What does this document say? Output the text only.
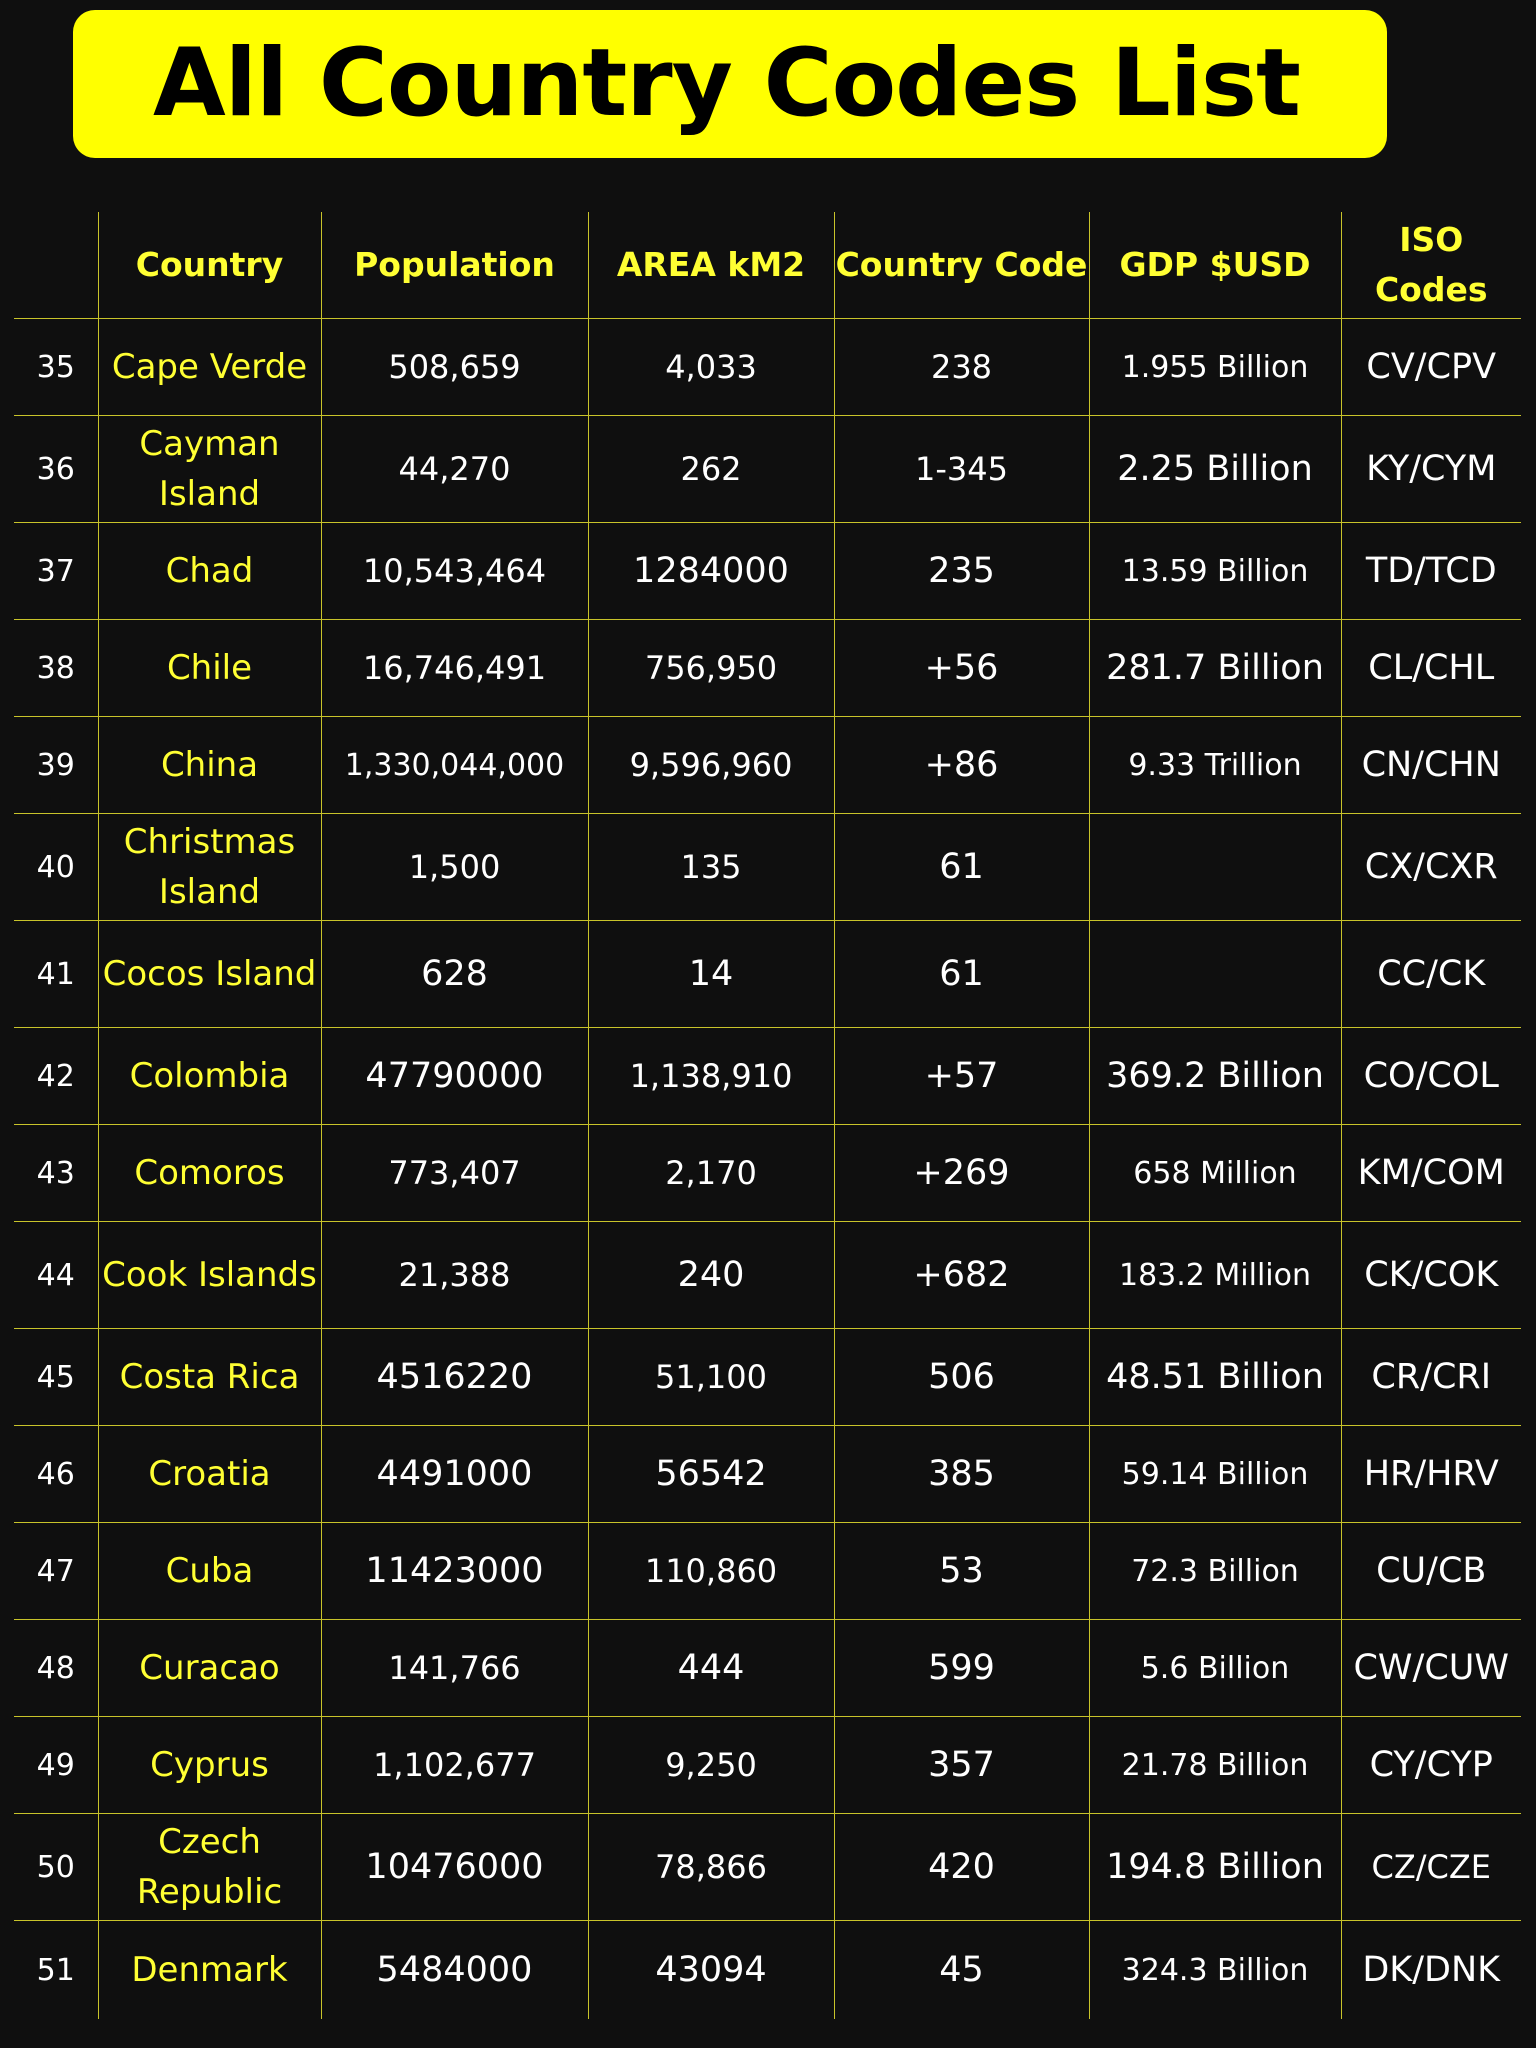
All Country Codes List
	Country	Population	AREA kM2	Country Code	GDP $USD	ISO Codes
35	Cape Verde	508,659	4,033	238	1.955 Billion	CV/CPV
36	Cayman Island	44,270	262	1-345	2.25 Billion	KY/CYM
37	Chad	10,543,464	1284000	235	13.59 Billion	TD/TCD
38	Chile	16,746,491	756,950	+56	281.7 Billion	CL/CHL
39	China	1,330,044,000	9,596,960	+86	9.33 Trillion	CN/CHN
40	Christmas Island	1,500	135	61		CX/CXR
41	Cocos Island	628	14	61		CC/CK
42	Colombia	47790000	1,138,910	+57	369.2 Billion	CO/COL
43	Comoros	773,407	2,170	+269	658 Million	KM/COM
44	Cook Islands	21,388	240	+682	183.2 Million	CK/COK
45	Costa Rica	4516220	51,100	506	48.51 Billion	CR/CRI
46	Croatia	4491000	56542	385	59.14 Billion	HR/HRV
47	Cuba	11423000	110,860	53	72.3 Billion	CU/CB
48	Curacao	141,766	444	599	5.6 Billion	CW/CUW
49	Cyprus	1,102,677	9,250	357	21.78 Billion	CY/CYP
50	Czech Republic	10476000	78,866	420	194.8 Billion	CZ/CZE
51	Denmark	5484000	43094	45	324.3 Billion	DK/DNK
